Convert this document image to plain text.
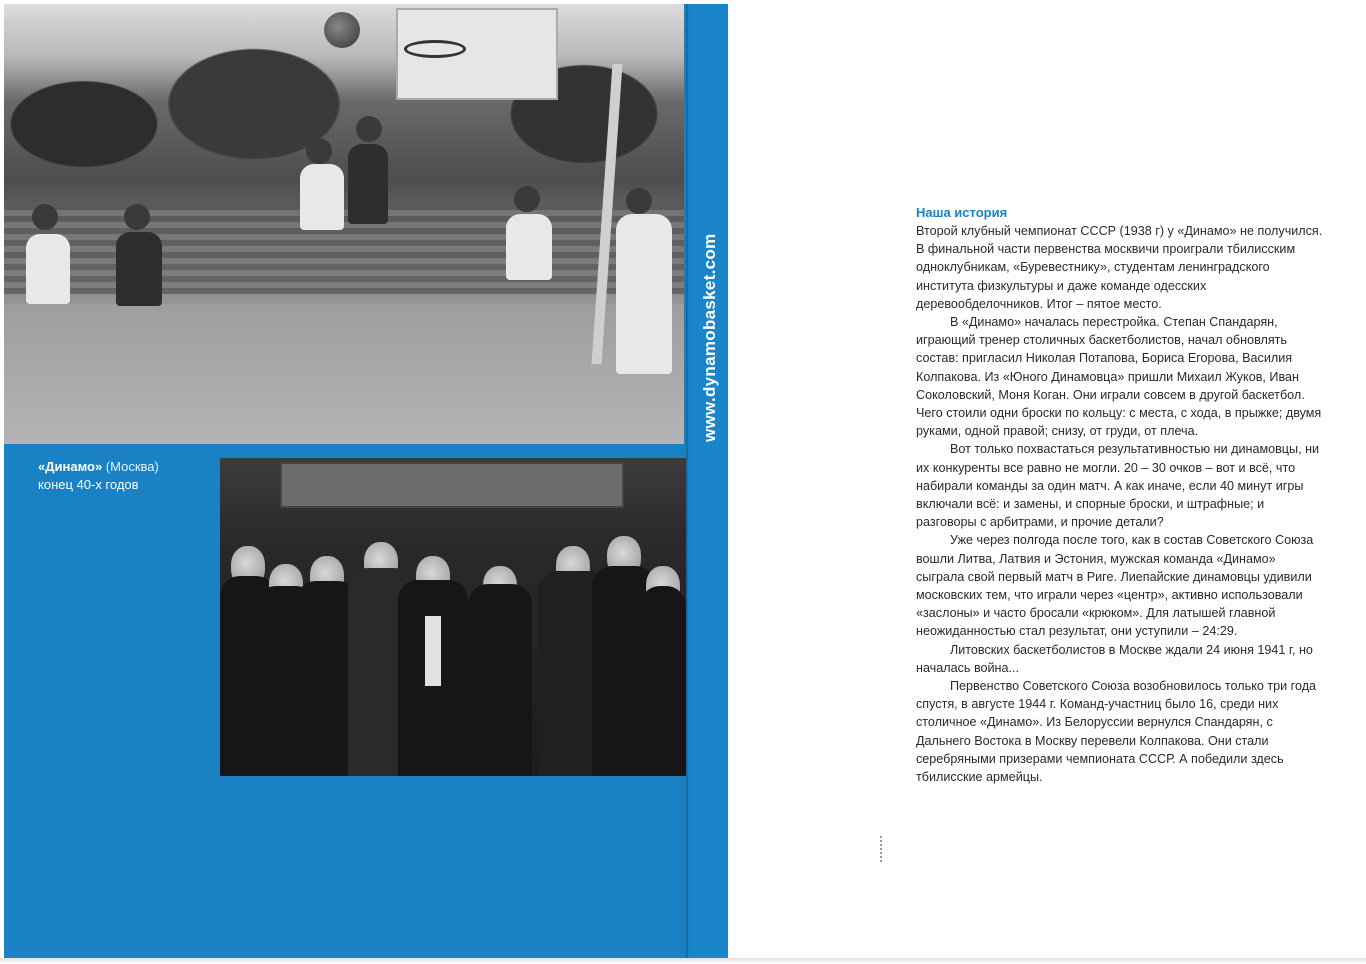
www.dynamobasket.com
«Динамо» (Москва)
конец 40-х годов
Наша история

Второй клубный чемпионат СССР (1938 г) у «Динамо» не получился. В финальной части первенства москвичи проиграли тбилисским одноклубникам, «Буревестнику», студентам ленинградского института физкультуры и даже команде одесских деревообделочников. Итог – пятое место.

В «Динамо» началась перестройка. Степан Спандарян, играющий тренер столичных баскетболистов, начал обновлять состав: пригласил Николая Потапова, Бориса Егорова, Василия Колпакова. Из «Юного Динамовца» пришли Михаил Жуков, Иван Соколовский, Моня Коган. Они играли совсем в другой баскетбол. Чего стоили одни броски по кольцу: с места, с хода, в прыжке; двумя руками, одной правой; снизу, от груди, от плеча.

Вот только похвастаться результативностью ни динамовцы, ни их конкуренты все равно не могли. 20 – 30 очков – вот и всё, что набирали команды за один матч. А как иначе, если 40 минут игры включали всё: и замены, и спорные броски, и штрафные; и разговоры с арбитрами, и прочие детали?

Уже через полгода после того, как в состав Советского Союза вошли Литва, Латвия и Эстония, мужская команда «Динамо» сыграла свой первый матч в Риге. Лиепайские динамовцы удивили московских тем, что играли через «центр», активно использовали «заслоны» и часто бросали «крюком». Для латышей главной неожиданностью стал результат, они уступили – 24:29.

Литовских баскетболистов в Москве ждали 24 июня 1941 г, но началась война...

Первенство Советского Союза возобновилось только три года спустя, в августе 1944 г. Команд-участниц было 16, среди них столичное «Динамо». Из Белоруссии вернулся Спандарян, с Дальнего Востока в Москву перевели Колпакова. Они стали серебряными призерами чемпионата СССР. А победили здесь тбилисские армейцы.
